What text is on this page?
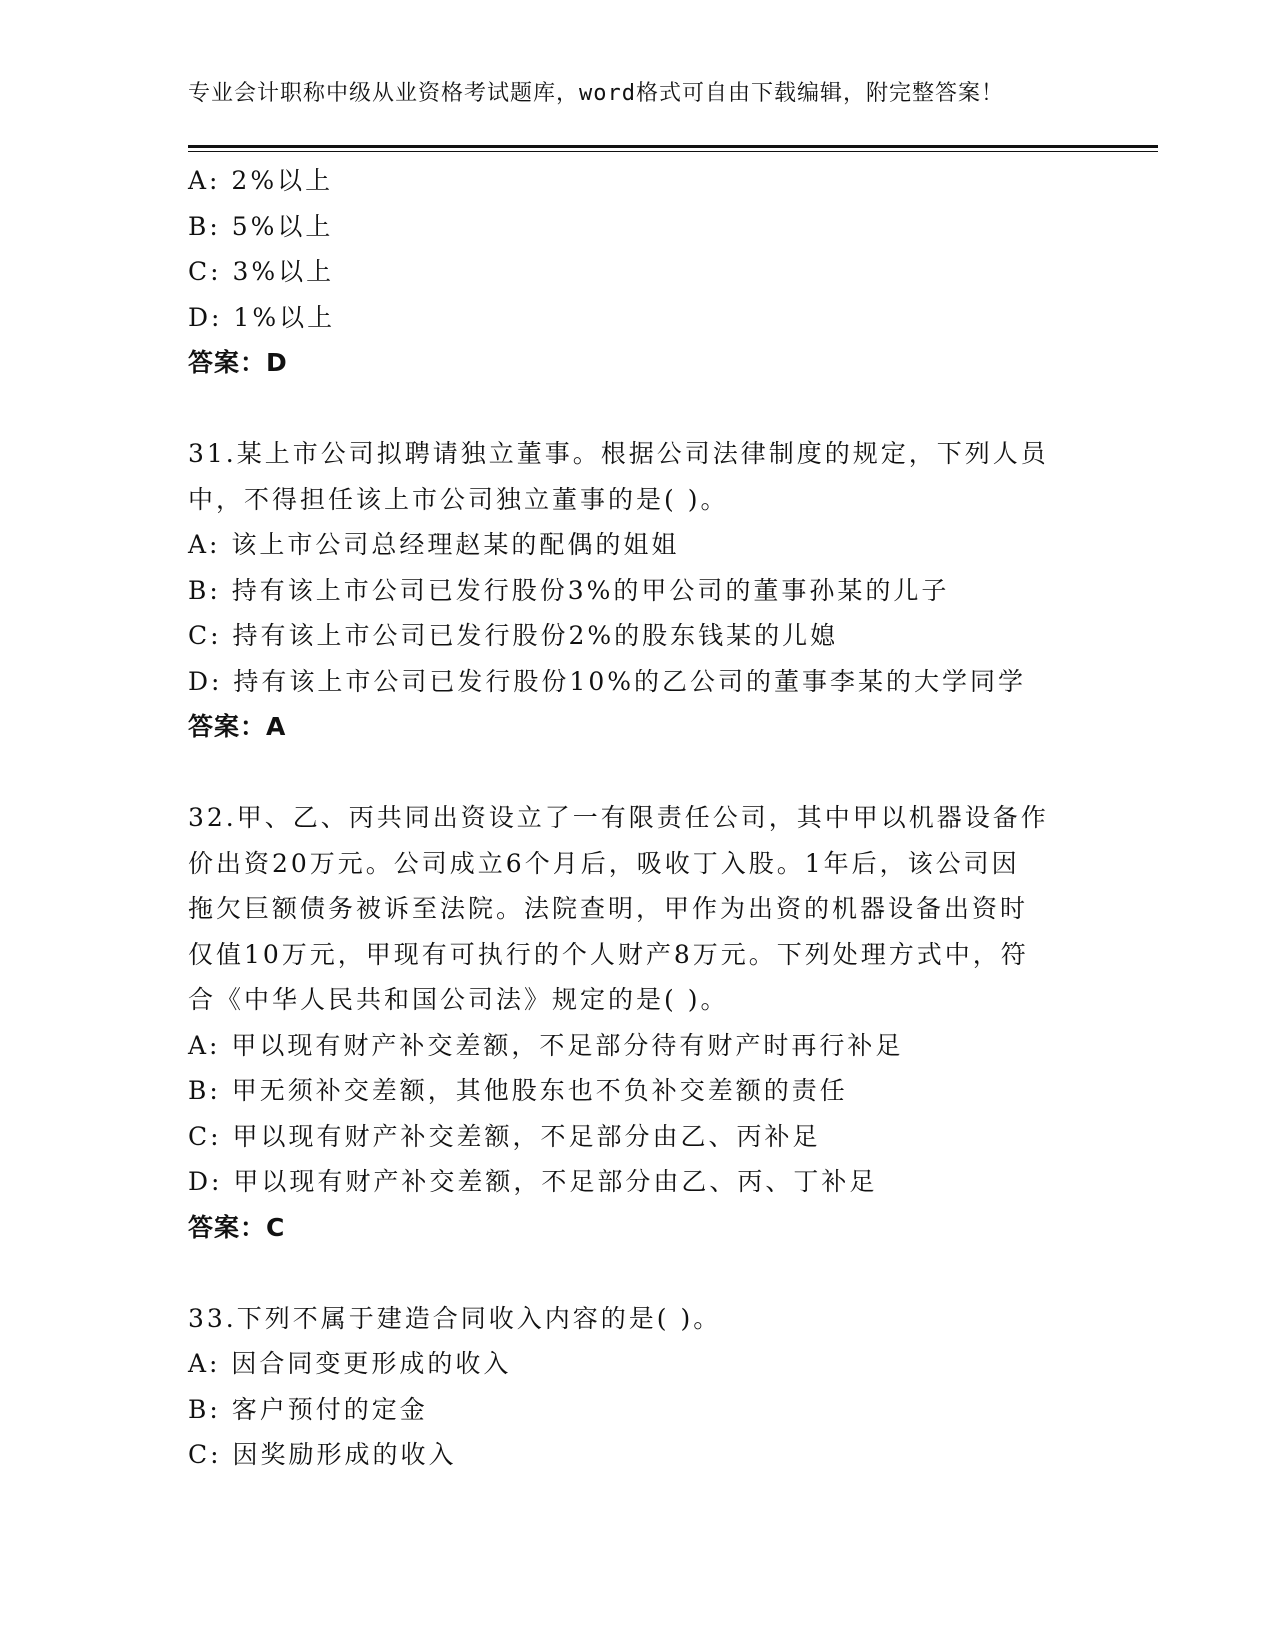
专业会计职称中级从业资格考试题库，word格式可自由下载编辑，附完整答案！
A: 2%以上
B: 5%以上
C: 3%以上
D: 1%以上
答案：D
31.某上市公司拟聘请独立董事。根据公司法律制度的规定，下列人员
中，不得担任该上市公司独立董事的是( )。
A: 该上市公司总经理赵某的配偶的姐姐
B: 持有该上市公司已发行股份3%的甲公司的董事孙某的儿子
C: 持有该上市公司已发行股份2%的股东钱某的儿媳
D: 持有该上市公司已发行股份10%的乙公司的董事李某的大学同学
答案：A
32.甲、乙、丙共同出资设立了一有限责任公司，其中甲以机器设备作
价出资20万元。公司成立6个月后，吸收丁入股。1年后，该公司因
拖欠巨额债务被诉至法院。法院查明，甲作为出资的机器设备出资时
仅值10万元，甲现有可执行的个人财产8万元。下列处理方式中，符
合《中华人民共和国公司法》规定的是( )。
A: 甲以现有财产补交差额，不足部分待有财产时再行补足
B: 甲无须补交差额，其他股东也不负补交差额的责任
C: 甲以现有财产补交差额，不足部分由乙、丙补足
D: 甲以现有财产补交差额，不足部分由乙、丙、丁补足
答案：C
33.下列不属于建造合同收入内容的是( )。
A: 因合同变更形成的收入
B: 客户预付的定金
C: 因奖励形成的收入
